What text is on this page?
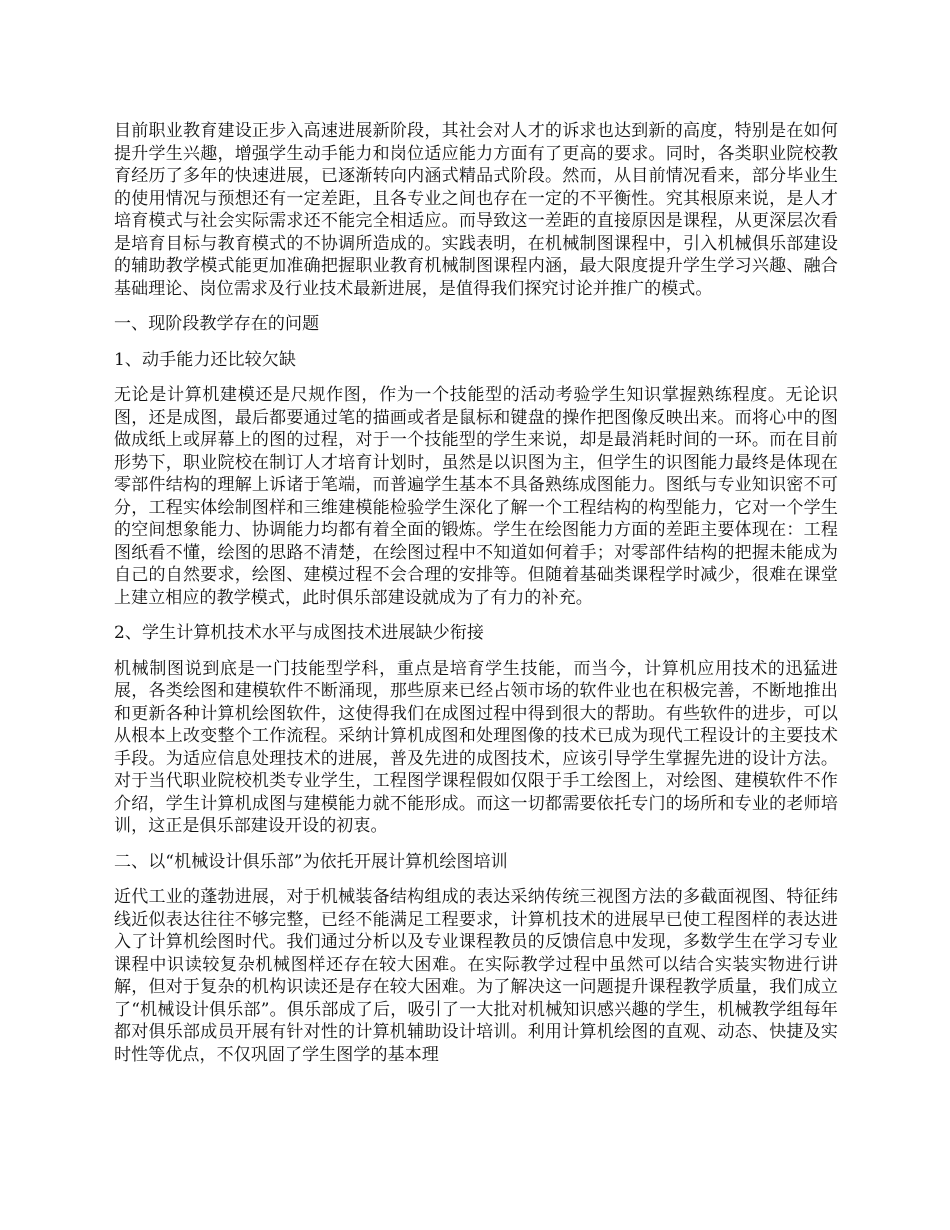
目前职业教育建设正步入高速进展新阶段，其社会对人才的诉求也达到新的高度，特别是在如何提升学生兴趣，增强学生动手能力和岗位适应能力方面有了更高的要求。同时，各类职业院校教育经历了多年的快速进展，已逐渐转向内涵式精品式阶段。然而，从目前情况看来，部分毕业生的使用情况与预想还有一定差距，且各专业之间也存在一定的不平衡性。究其根原来说，是人才培育模式与社会实际需求还不能完全相适应。而导致这一差距的直接原因是课程，从更深层次看是培育目标与教育模式的不协调所造成的。实践表明，在机械制图课程中，引入机械俱乐部建设的辅助教学模式能更加准确把握职业教育机械制图课程内涵，最大限度提升学生学习兴趣、融合基础理论、岗位需求及行业技术最新进展，是值得我们探究讨论并推广的模式。

一、现阶段教学存在的问题

1、动手能力还比较欠缺

无论是计算机建模还是尺规作图，作为一个技能型的活动考验学生知识掌握熟练程度。无论识图，还是成图，最后都要通过笔的描画或者是鼠标和键盘的操作把图像反映出来。而将心中的图做成纸上或屏幕上的图的过程，对于一个技能型的学生来说，却是最消耗时间的一环。而在目前形势下，职业院校在制订人才培育计划时，虽然是以识图为主，但学生的识图能力最终是体现在零部件结构的理解上诉诸于笔端，而普遍学生基本不具备熟练成图能力。图纸与专业知识密不可分，工程实体绘制图样和三维建模能检验学生深化了解一个工程结构的构型能力，它对一个学生的空间想象能力、协调能力均都有着全面的锻炼。学生在绘图能力方面的差距主要体现在：工程图纸看不懂，绘图的思路不清楚，在绘图过程中不知道如何着手；对零部件结构的把握未能成为自己的自然要求，绘图、建模过程不会合理的安排等。但随着基础类课程学时减少，很难在课堂上建立相应的教学模式，此时俱乐部建设就成为了有力的补充。

2、学生计算机技术水平与成图技术进展缺少衔接

机械制图说到底是一门技能型学科，重点是培育学生技能，而当今，计算机应用技术的迅猛进展，各类绘图和建模软件不断涌现，那些原来已经占领市场的软件业也在积极完善，不断地推出和更新各种计算机绘图软件，这使得我们在成图过程中得到很大的帮助。有些软件的进步，可以从根本上改变整个工作流程。采纳计算机成图和处理图像的技术已成为现代工程设计的主要技术手段。为适应信息处理技术的进展，普及先进的成图技术，应该引导学生掌握先进的设计方法。对于当代职业院校机类专业学生，工程图学课程假如仅限于手工绘图上，对绘图、建模软件不作介绍，学生计算机成图与建模能力就不能形成。而这一切都需要依托专门的场所和专业的老师培训，这正是俱乐部建设开设的初衷。

二、以“机械设计俱乐部”为依托开展计算机绘图培训

近代工业的蓬勃进展，对于机械装备结构组成的表达采纳传统三视图方法的多截面视图、特征纬线近似表达往往不够完整，已经不能满足工程要求，计算机技术的进展早已使工程图样的表达进入了计算机绘图时代。我们通过分析以及专业课程教员的反馈信息中发现，多数学生在学习专业课程中识读较复杂机械图样还存在较大困难。在实际教学过程中虽然可以结合实装实物进行讲解，但对于复杂的机构识读还是存在较大困难。为了解决这一问题提升课程教学质量，我们成立了“机械设计俱乐部”。俱乐部成了后，吸引了一大批对机械知识感兴趣的学生，机械教学组每年都对俱乐部成员开展有针对性的计算机辅助设计培训。利用计算机绘图的直观、动态、快捷及实时性等优点，不仅巩固了学生图学的基本理
